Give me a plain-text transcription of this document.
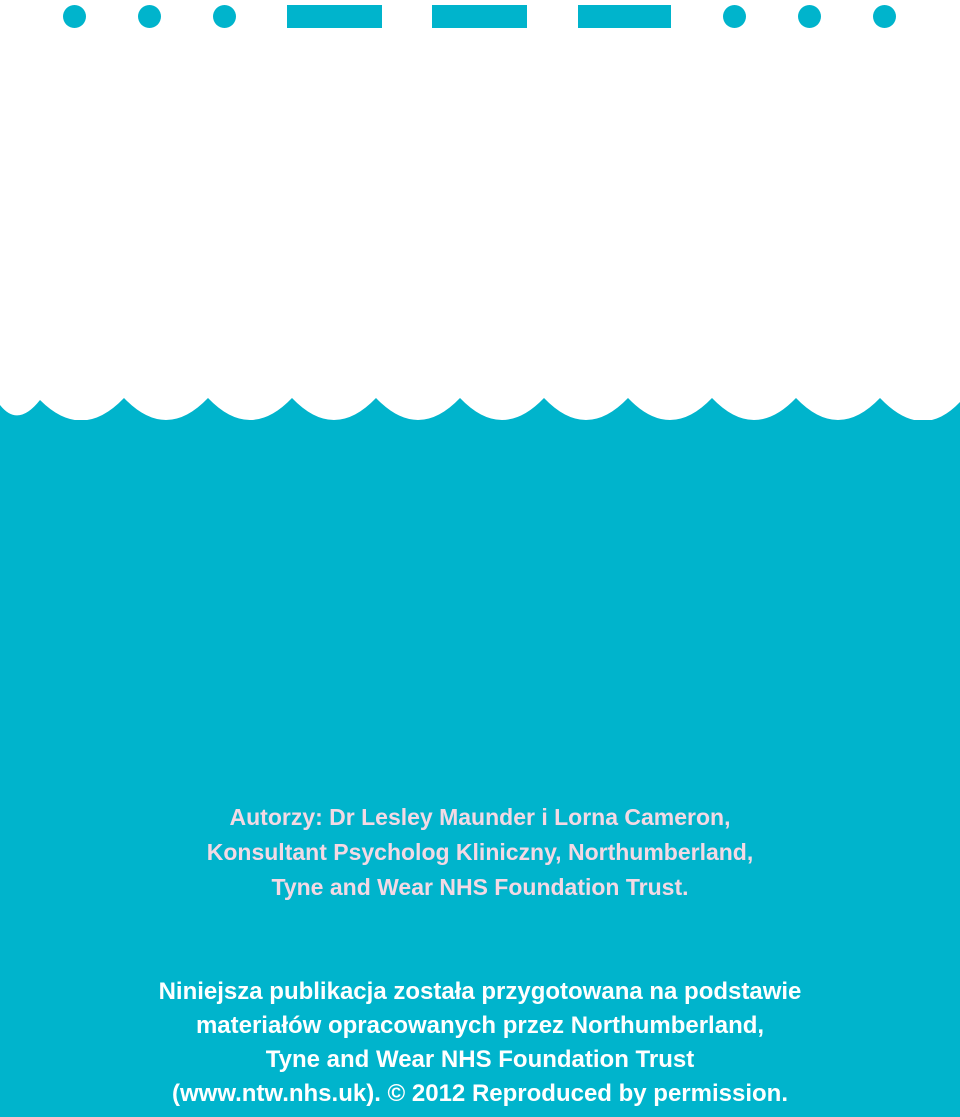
Autorzy: Dr Lesley Maunder i Lorna Cameron,
Konsultant Psycholog Kliniczny, Northumberland,
Tyne and Wear NHS Foundation Trust.
Niniejsza publikacja została przygotowana na podstawie
materiałów opracowanych przez Northumberland,
Tyne and Wear NHS Foundation Trust
(www.ntw.nhs.uk). © 2012 Reproduced by permission.
